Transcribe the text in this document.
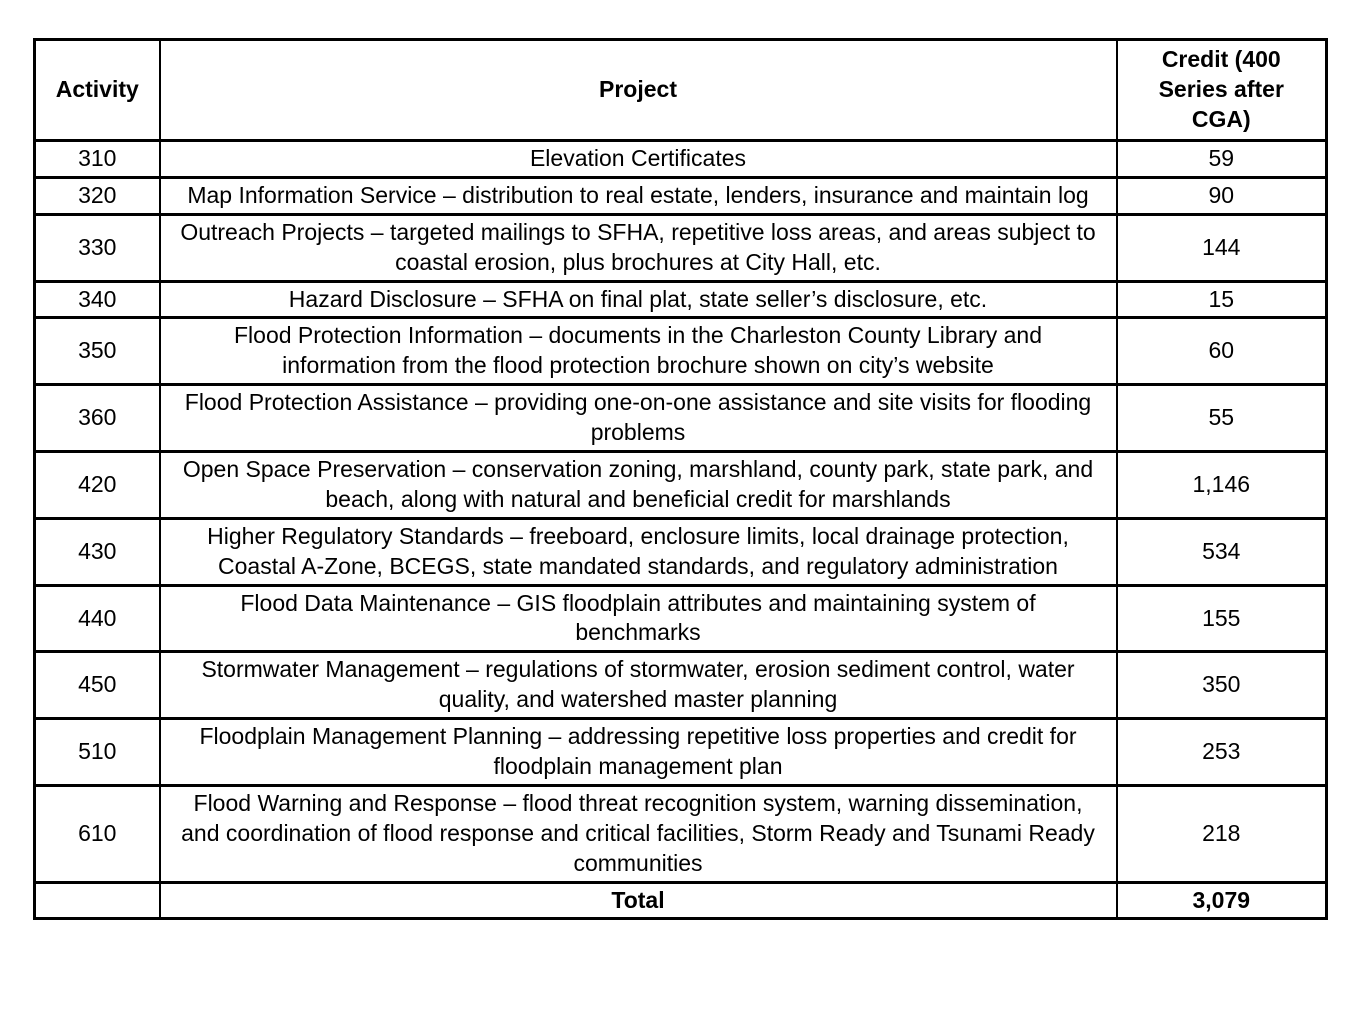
Activity	Project	Credit (400 Series after CGA)
310	Elevation Certificates	59
320	Map Information Service – distribution to real estate, lenders, insurance and maintain log	90
330	Outreach Projects – targeted mailings to SFHA, repetitive loss areas, and areas subject to coastal erosion, plus brochures at City Hall, etc.	144
340	Hazard Disclosure – SFHA on final plat, state seller’s disclosure, etc.	15
350	Flood Protection Information – documents in the Charleston County Library and information from the flood protection brochure shown on city’s website	60
360	Flood Protection Assistance – providing one-on-one assistance and site visits for flooding problems	55
420	Open Space Preservation – conservation zoning, marshland, county park, state park, and beach, along with natural and beneficial credit for marshlands	1,146
430	Higher Regulatory Standards – freeboard, enclosure limits, local drainage protection, Coastal A-Zone, BCEGS, state mandated standards, and regulatory administration	534
440	Flood Data Maintenance – GIS floodplain attributes and maintaining system of benchmarks	155
450	Stormwater Management – regulations of stormwater, erosion sediment control, water quality, and watershed master planning	350
510	Floodplain Management Planning – addressing repetitive loss properties and credit for floodplain management plan	253
610	Flood Warning and Response – flood threat recognition system, warning dissemination, and coordination of flood response and critical facilities, Storm Ready and Tsunami Ready communities	218
	Total	3,079
